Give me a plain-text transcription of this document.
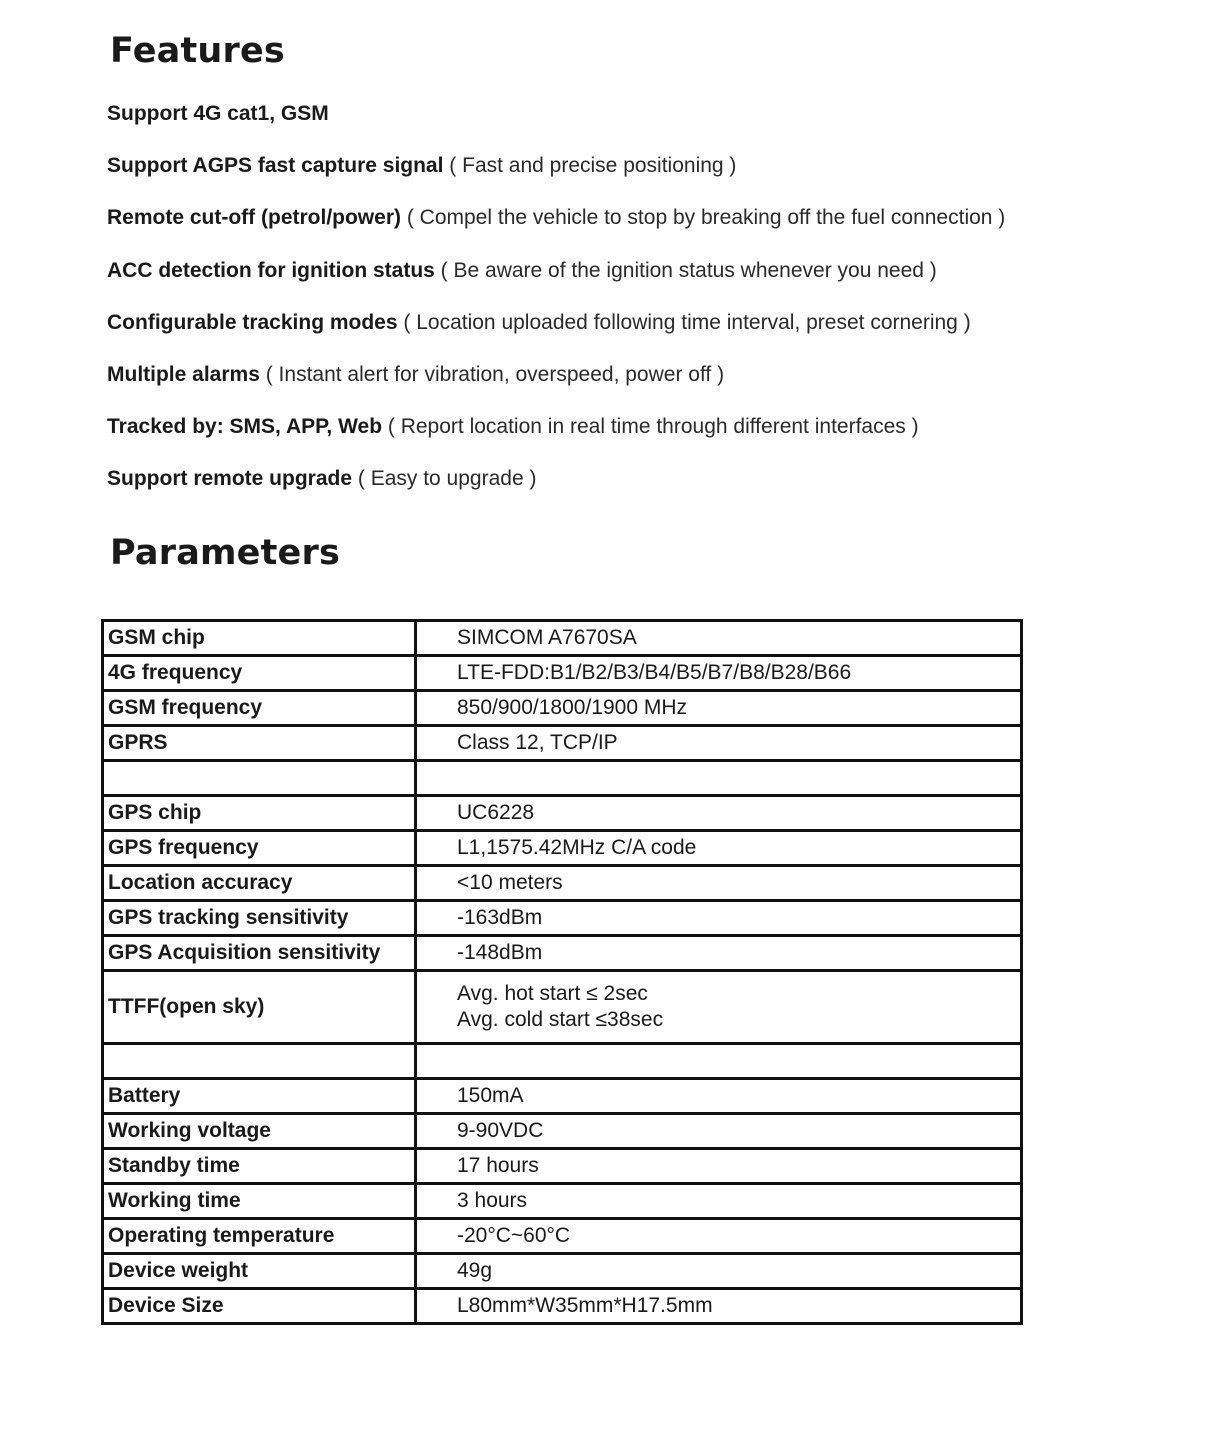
Features
Support 4G cat1, GSM
Support AGPS fast capture signal ( Fast and precise positioning )
Remote cut-off (petrol/power) ( Compel the vehicle to stop by breaking off the fuel connection )
ACC detection for ignition status ( Be aware of the ignition status whenever you need )
Configurable tracking modes ( Location uploaded following time interval, preset cornering )
Multiple alarms ( Instant alert for vibration, overspeed, power off )
Tracked by: SMS, APP, Web ( Report location in real time through different interfaces )
Support remote upgrade ( Easy to upgrade )
Parameters
GSM chip	SIMCOM A7670SA

4G frequency	LTE-FDD:B1/B2/B3/B4/B5/B7/B8/B28/B66

GSM frequency	850/900/1800/1900 MHz

GPRS	Class 12, TCP/IP

GPS chip	UC6228

GPS frequency	L1,1575.42MHz C/A code

Location accuracy	<10 meters

GPS tracking sensitivity	-163dBm

GPS Acquisition sensitivity	-148dBm

TTFF(open sky)	Avg. hot start ≤ 2sec
Avg. cold start ≤38sec

Battery	150mA

Working voltage	9-90VDC

Standby time	17 hours

Working time	3 hours

Operating temperature	-20°C~60°C

Device weight	49g

Device Size	L80mm*W35mm*H17.5mm
